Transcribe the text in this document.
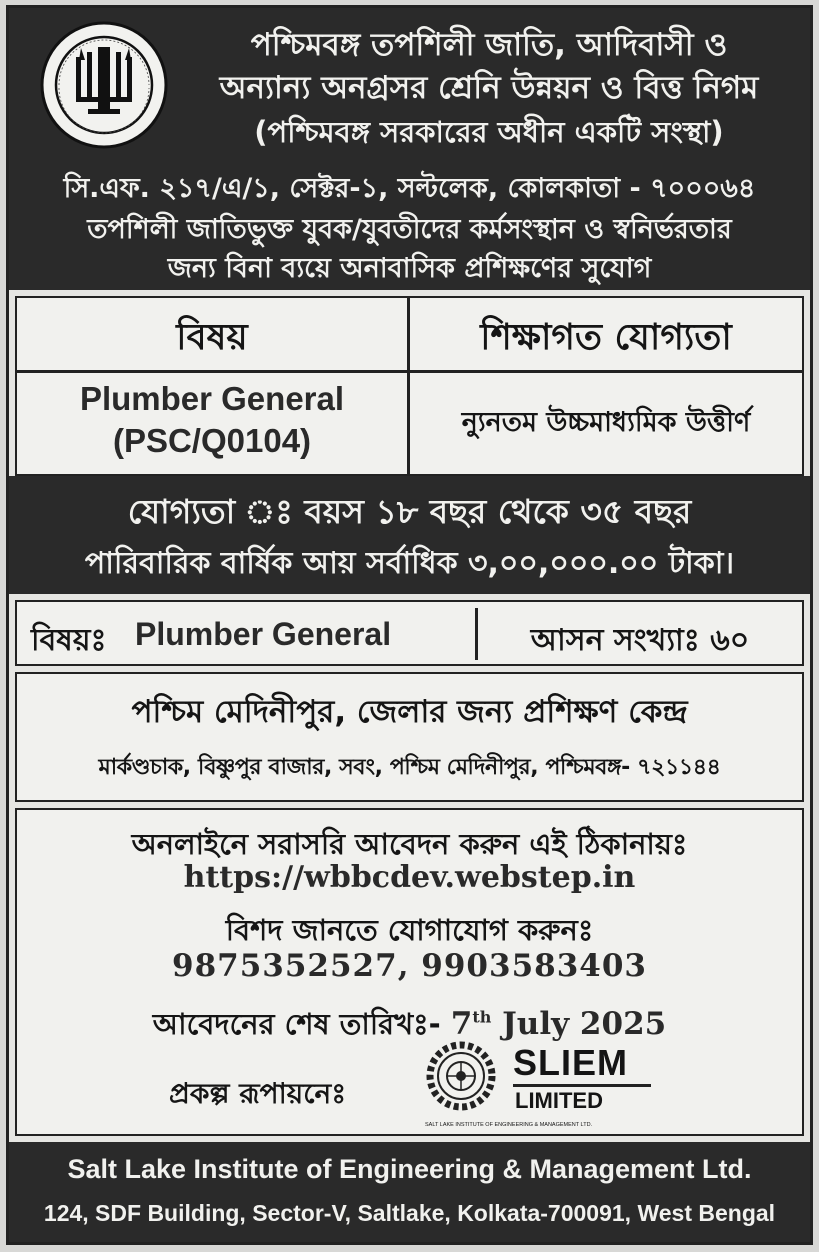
পশ্চিমবঙ্গ তপশিলী জাতি, আদিবাসী ও
অন্যান্য অনগ্রসর শ্রেনি উন্নয়ন ও বিত্ত নিগম
(পশ্চিমবঙ্গ সরকারের অধীন একটি সংস্থা)
সি.এফ. ২১৭/এ/১, সেক্টর-১, সল্টলেক, কোলকাতা - ৭০০০৬৪
তপশিলী জাতিভুক্ত যুবক/যুবতীদের কর্মসংস্থান ও স্বনির্ভরতার
জন্য বিনা ব্যয়ে অনাবাসিক প্রশিক্ষণের সুযোগ
বিষয়	শিক্ষাগত যোগ্যতা
Plumber General
(PSC/Q0104)	ন্যুনতম উচ্চমাধ্যমিক উত্তীর্ণ
যোগ্যতা ঃ বয়স ১৮ বছর থেকে ৩৫ বছর
পারিবারিক বার্ষিক আয় সর্বাধিক ৩,০০,০০০.০০ টাকা।
বিষয়ঃ Plumber General	আসন সংখ্যাঃ ৬০
পশ্চিম মেদিনীপুর, জেলার জন্য প্রশিক্ষণ কেন্দ্র
মার্কণ্ডচাক, বিষ্ণুপুর বাজার, সবং, পশ্চিম মেদিনীপুর, পশ্চিমবঙ্গ- ৭২১১৪৪
অনলাইনে সরাসরি আবেদন করুন এই ঠিকানায়ঃ
https://wbbcdev.webstep.in
বিশদ জানতে যোগাযোগ করুনঃ
9875352527, 9903583403
আবেদনের শেষ তারিখঃ- 7th July 2025
প্রকল্প রূপায়নেঃ
SLIEM
LIMITED
SALT LAKE INSTITUTE OF ENGINEERING & MANAGEMENT LTD.
Salt Lake Institute of Engineering & Management Ltd.
124, SDF Building, Sector-V, Saltlake, Kolkata-700091, West Bengal
